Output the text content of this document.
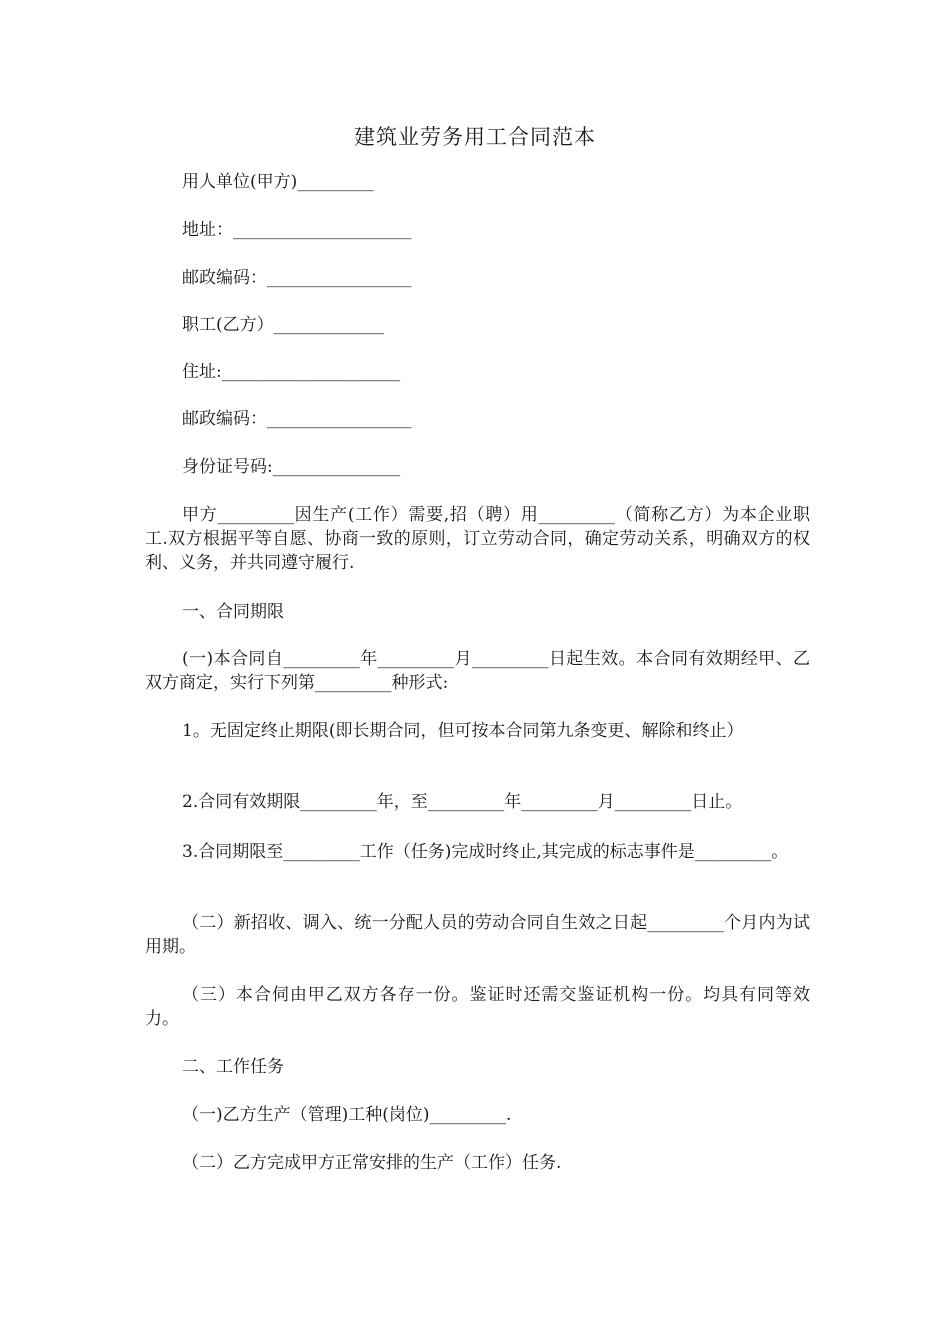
建筑业劳务用工合同范本
用人单位(甲方)_________
地址：_____________________
邮政编码：_________________
职工(乙方）_____________
住址:_____________________
邮政编码：_________________
身份证号码:_______________
甲方_________因生产(工作）需要,招（聘）用_________（简称乙方）为本企业职工.双方根据平等自愿、协商一致的原则，订立劳动合同，确定劳动关系，明确双方的权利、义务，并共同遵守履行.
一、合同期限
(一)本合同自_________年_________月_________日起生效。本合同有效期经甲、乙双方商定，实行下列第_________种形式:
1。无固定终止期限(即长期合同，但可按本合同第九条变更、解除和终止）
2.合同有效期限_________年，至_________年_________月_________日止。
3.合同期限至_________工作（任务)完成时终止,其完成的标志事件是_________。
（二）新招收、调入、统一分配人员的劳动合同自生效之日起_________个月内为试用期。
（三）本合伺由甲乙双方各存一份。鉴证时还需交鉴证机构一份。均具有同等效力。
二、工作任务
（一)乙方生产（管理)工种(岗位)_________.
（二）乙方完成甲方正常安排的生产（工作）任务.
